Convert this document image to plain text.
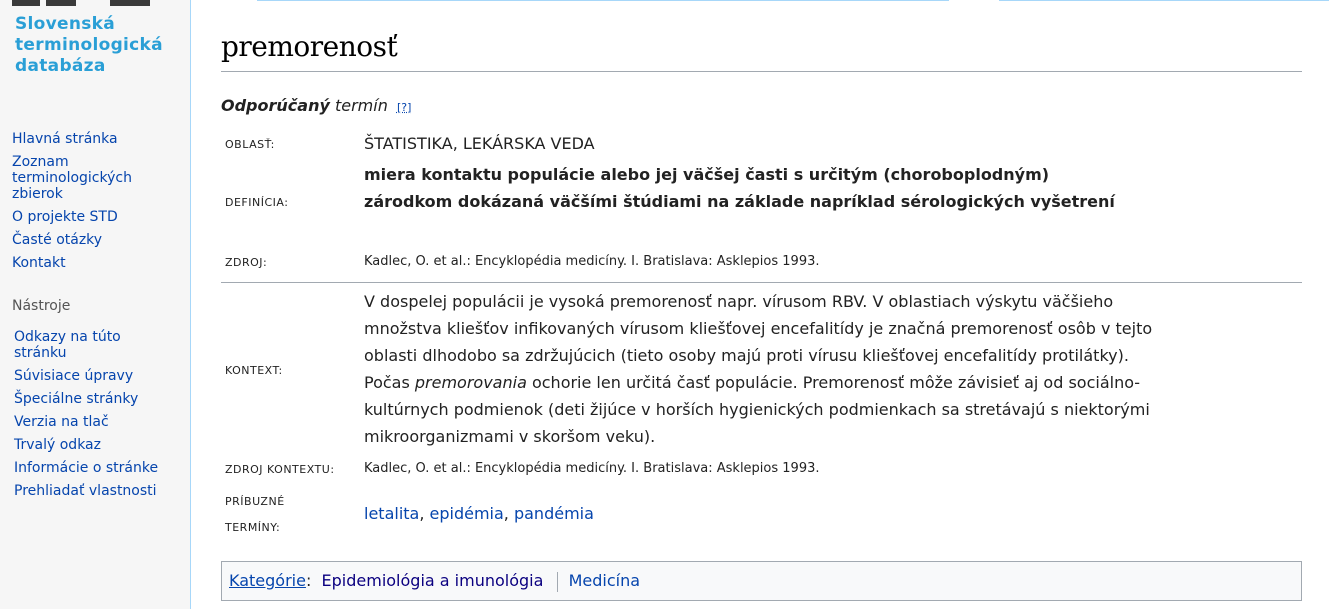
Slovenská
terminologická
databáza
Hlavná stránka
Zoznam terminologických zbierok
O projekte STD
Časté otázky
Kontakt
Nástroje
Odkazy na túto stránku
Súvisiace úpravy
Špeciálne stránky
Verzia na tlač
Trvalý odkaz
Informácie o stránke
Prehliadať vlastnosti
premorenosť
Odporúčaný termín [?]
OBLASŤ:	ŠTATISTIKA, LEKÁRSKA VEDA
DEFINÍCIA:
miera kontaktu populácie alebo jej väčšej časti s určitým (choroboplodným) zárodkom dokázaná väčšími štúdiami na základe napríklad sérologických vyšetrení
ZDROJ:	Kadlec, O. et al.: Encyklopédia medicíny. I. Bratislava: Asklepios 1993.
KONTEXT:
V dospelej populácii je vysoká premorenosť napr. vírusom RBV. V oblastiach výskytu väčšieho množstva kliešťov infikovaných vírusom kliešťovej encefalitídy je značná premorenosť osôb v tejto oblasti dlhodobo sa zdržujúcich (tieto osoby majú proti vírusu kliešťovej encefalitídy protilátky). Počas premorovania ochorie len určitá časť populácie. Premorenosť môže závisieť aj od sociálno-kultúrnych podmienok (deti žijúce v horších hygienických podmienkach sa stretávajú s niektorými mikroorganizmami v skoršom veku).
ZDROJ KONTEXTU: Kadlec, O. et al.: Encyklopédia medicíny. I. Bratislava: Asklepios 1993.
PRÍBUZNÉ
TERMÍNY:
letalita, epidémia, pandémia
Kategórie: Epidemiológia a imunológia Medicína
